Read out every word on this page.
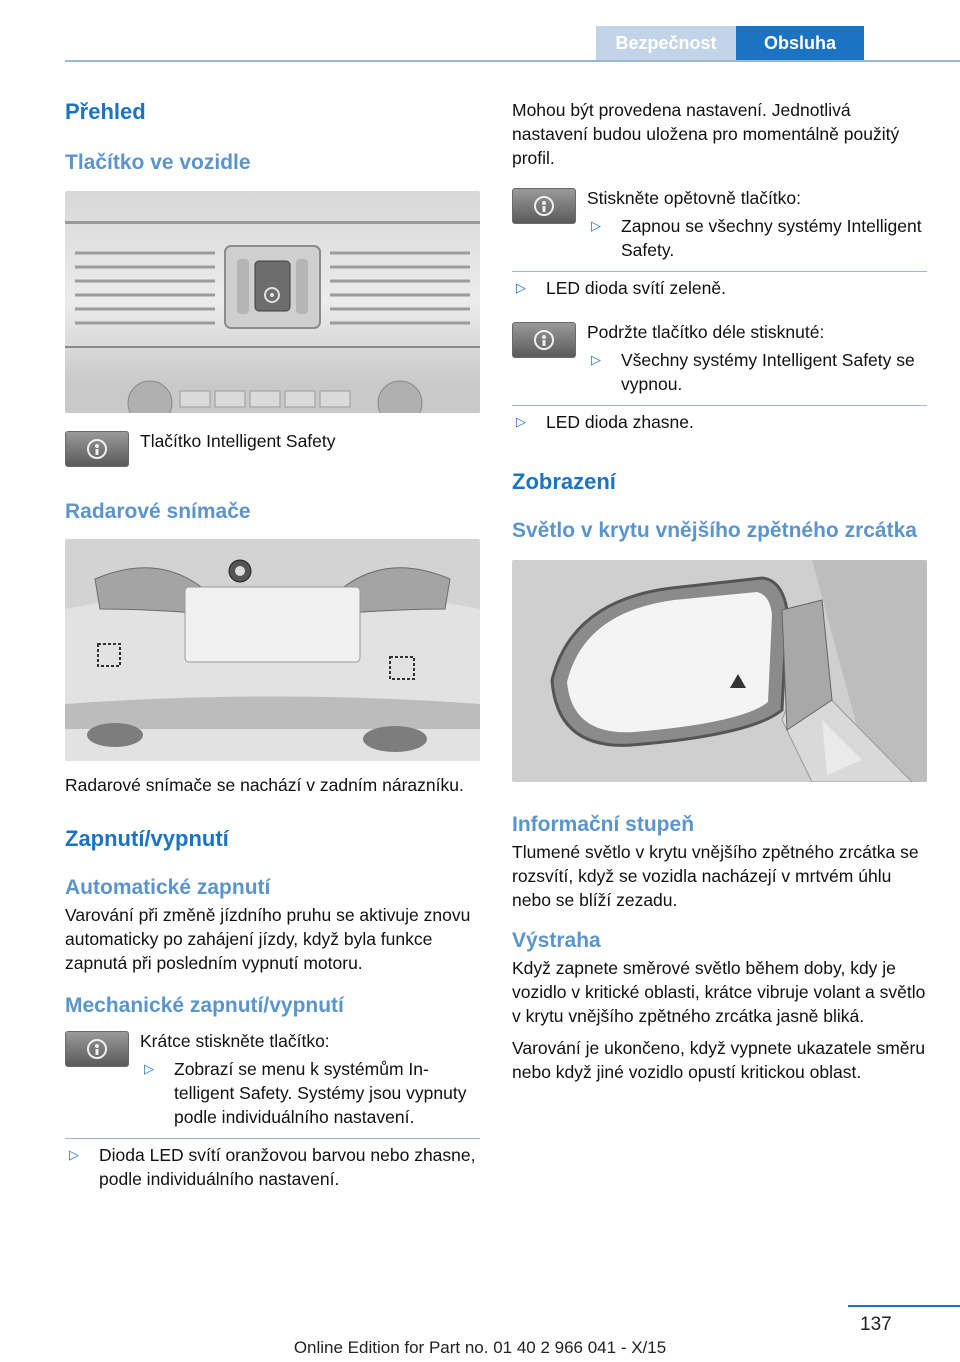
Bezpečnost	Obsluha
Přehled
Tlačítko ve vozidle

Tlačítko Intelligent Safety

Radarové snímače

Radarové snímače se nachází v zadním nárazníku.

Zapnutí/vypnutí
Automatické zapnutí

Varování při změně jízdního pruhu se aktivuje znovu automaticky po zahájení jízdy, když byla funkce zapnutá při posledním vypnutí motoru.

Mechanické zapnutí/vypnutí

Krátce stiskněte tlačítko:

▷	Zobrazí se menu k systémům Intelligent Safety. Systémy jsou vypnuty podle individuálního nastavení.

▷	Dioda LED svítí oranžovou barvou nebo zhasne, podle individuálního nastavení.

Mohou být provedena nastavení. Jednotlivá nastavení budou uložena pro momentálně použitý profil.

Stiskněte opětovně tlačítko:

▷	Zapnou se všechny systémy Intelligent Safety.

▷	LED dioda svítí zeleně.

Podržte tlačítko déle stisknuté:

▷	Všechny systémy Intelligent Safety se vypnou.

▷	LED dioda zhasne.

Zobrazení
Světlo v krytu vnějšího zpětného zrcátka
Informační stupeň

Tlumené světlo v krytu vnějšího zpětného zrcátka se rozsvítí, když se vozidla nacházejí v mrtvém úhlu nebo se blíží zezadu.

Výstraha

Když zapnete směrové světlo během doby, kdy je vozidlo v kritické oblasti, krátce vibruje volant a světlo v krytu vnějšího zpětného zrcátka jasně bliká.

Varování je ukončeno, když vypnete ukazatele směru nebo když jiné vozidlo opustí kritickou oblast.

137
Online Edition for Part no. 01 40 2 966 041 - X/15
